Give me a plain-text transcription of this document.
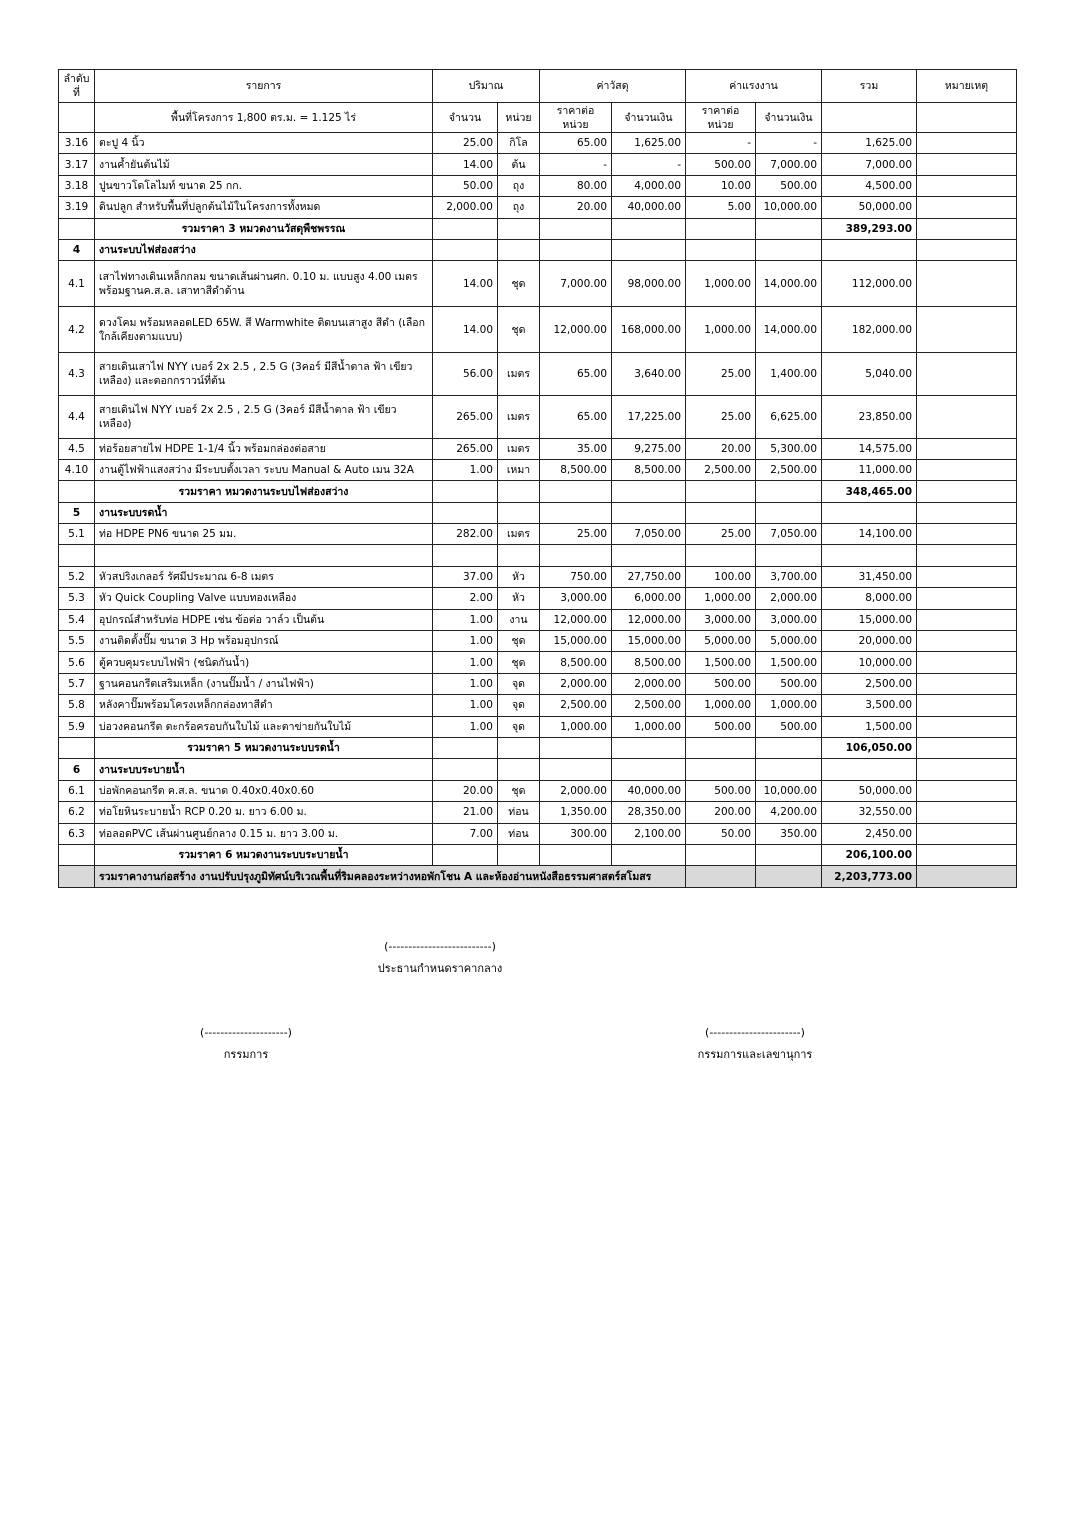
ลำดับที่	รายการ	ปริมาณ		ค่าวัสดุ		ค่าแรงงาน		รวม	หมายเหตุ
	พื้นที่โครงการ 1,800 ตร.ม. = 1.125 ไร่	จำนวน	หน่วย	ราคาต่อหน่วย	จำนวนเงิน	ราคาต่อหน่วย	จำนวนเงิน		
3.16	ตะปู 4 นิ้ว	25.00	กิโล	65.00	1,625.00	-	-	1,625.00	
3.17	งานค้ำยันต้นไม้	14.00	ต้น	-	-	500.00	7,000.00	7,000.00	
3.18	ปูนขาวโดโลไมท์ ขนาด 25 กก.	50.00	ถุง	80.00	4,000.00	10.00	500.00	4,500.00	
3.19	ดินปลูก สำหรับพื้นที่ปลูกต้นไม้ในโครงการทั้งหมด	2,000.00	ถุง	20.00	40,000.00	5.00	10,000.00	50,000.00	
	รวมราคา 3 หมวดงานวัสดุพืชพรรณ							389,293.00	
4	งานระบบไฟส่องสว่าง								
4.1	เสาไฟทางเดินเหล็กกลม ขนาดเส้นผ่านศก. 0.10 ม. แบบสูง 4.00 เมตร พร้อมฐานค.ส.ล. เสาทาสีดำด้าน	14.00	ชุด	7,000.00	98,000.00	1,000.00	14,000.00	112,000.00	
4.2	ดวงโคม พร้อมหลอดLED 65W. สี Warmwhite ติดบนเสาสูง สีดำ (เลือกใกล้เคียงตามแบบ)	14.00	ชุด	12,000.00	168,000.00	1,000.00	14,000.00	182,000.00	
4.3	สายเดินเสาไฟ NYY เบอร์ 2x 2.5 , 2.5 G (3คอร์ มีสีน้ำตาล ฟ้า เขียวเหลือง) และตอกกราวน์ที่ต้น	56.00	เมตร	65.00	3,640.00	25.00	1,400.00	5,040.00	
4.4	สายเดินไฟ NYY เบอร์ 2x 2.5 , 2.5 G (3คอร์ มีสีน้ำตาล ฟ้า เขียวเหลือง)	265.00	เมตร	65.00	17,225.00	25.00	6,625.00	23,850.00	
4.5	ท่อร้อยสายไฟ HDPE 1-1/4 นิ้ว พร้อมกล่องต่อสาย	265.00	เมตร	35.00	9,275.00	20.00	5,300.00	14,575.00	
4.10	งานตู้ไฟฟ้าแสงสว่าง มีระบบตั้งเวลา ระบบ Manual & Auto เมน 32A	1.00	เหมา	8,500.00	8,500.00	2,500.00	2,500.00	11,000.00	
	รวมราคา หมวดงานระบบไฟส่องสว่าง							348,465.00	
5	งานระบบรดน้ำ								
5.1	ท่อ HDPE PN6 ขนาด 25 มม.	282.00	เมตร	25.00	7,050.00	25.00	7,050.00	14,100.00	

5.2	หัวสปริงเกลอร์ รัศมีประมาณ 6-8 เมตร	37.00	หัว	750.00	27,750.00	100.00	3,700.00	31,450.00	
5.3	หัว Quick Coupling Valve แบบทองเหลือง	2.00	หัว	3,000.00	6,000.00	1,000.00	2,000.00	8,000.00	
5.4	อุปกรณ์สำหรับท่อ HDPE เช่น ข้อต่อ วาล์ว เป็นต้น	1.00	งาน	12,000.00	12,000.00	3,000.00	3,000.00	15,000.00	
5.5	งานติดตั้งปั๊ม ขนาด 3 Hp พร้อมอุปกรณ์	1.00	ชุด	15,000.00	15,000.00	5,000.00	5,000.00	20,000.00	
5.6	ตู้ควบคุมระบบไฟฟ้า (ชนิดกันน้ำ)	1.00	ชุด	8,500.00	8,500.00	1,500.00	1,500.00	10,000.00	
5.7	ฐานคอนกรีตเสริมเหล็ก (งานปั๊มน้ำ / งานไฟฟ้า)	1.00	จุด	2,000.00	2,000.00	500.00	500.00	2,500.00	
5.8	หลังคาปั๊มพร้อมโครงเหล็กกล่องทาสีดำ	1.00	จุด	2,500.00	2,500.00	1,000.00	1,000.00	3,500.00	
5.9	บ่อวงคอนกรีต ตะกร้อครอบกันใบไม้ และตาข่ายกันใบไม้	1.00	จุด	1,000.00	1,000.00	500.00	500.00	1,500.00	
	รวมราคา 5 หมวดงานระบบรดน้ำ							106,050.00	
6	งานระบบระบายน้ำ								
6.1	บ่อพักคอนกรีต ค.ส.ล. ขนาด 0.40x0.40x0.60	20.00	ชุด	2,000.00	40,000.00	500.00	10,000.00	50,000.00	
6.2	ท่อโยหินระบายน้ำ RCP 0.20 ม. ยาว 6.00 ม.	21.00	ท่อน	1,350.00	28,350.00	200.00	4,200.00	32,550.00	
6.3	ท่อลอดPVC เส้นผ่านศูนย์กลาง 0.15 ม. ยาว 3.00 ม.	7.00	ท่อน	300.00	2,100.00	50.00	350.00	2,450.00	
	รวมราคา 6 หมวดงานระบบระบายน้ำ							206,100.00	
	รวมราคางานก่อสร้าง งานปรับปรุงภูมิทัศน์บริเวณพื้นที่ริมคลองระหว่างหอพักโชน A และห้องอ่านหนังสือธรรมศาสตร์สโมสร							2,203,773.00	
(--------------------------)
ประธานกำหนดราคากลาง
(---------------------)
กรรมการ
(-----------------------)
กรรมการและเลขานุการ
